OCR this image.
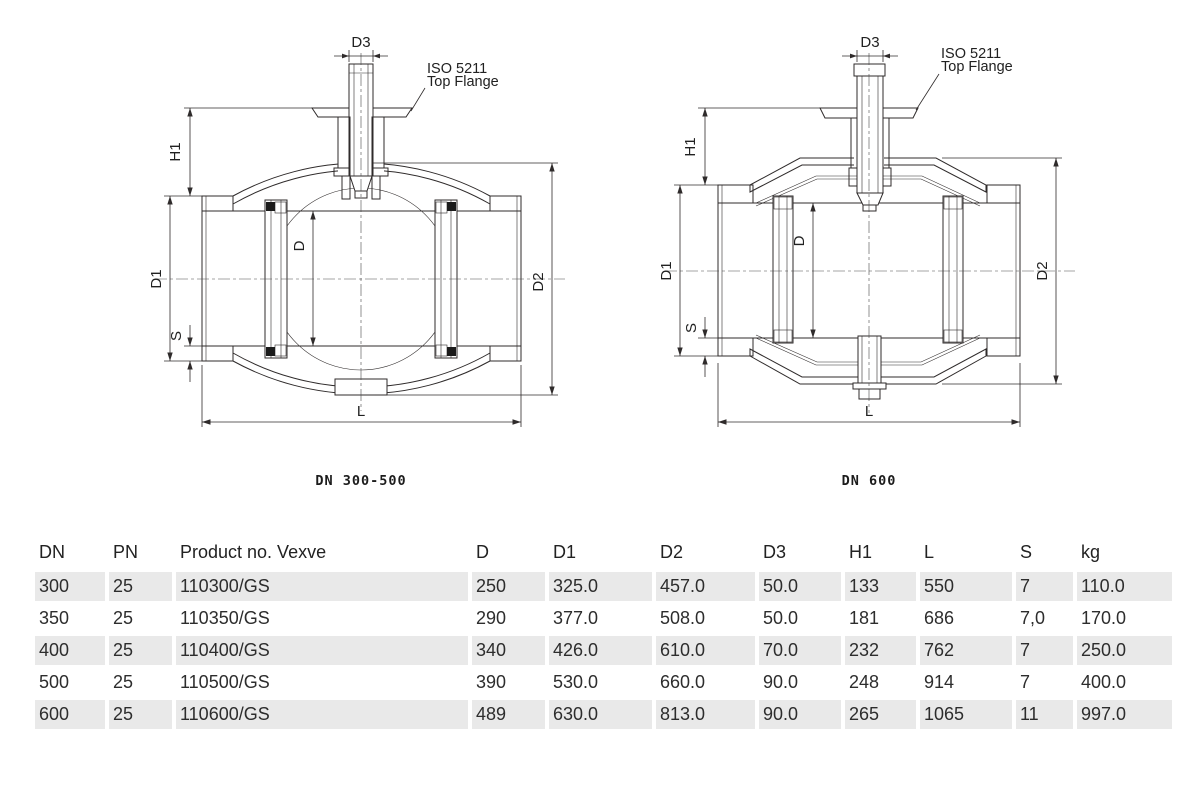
D3
H1
D1
S
D
D2
L
ISO 5211
Top Flange
DN 300-500
D3
H1
D1
S
D
D2
L
ISO 5211
Top Flange
DN 600
DN	PN	Product no. Vexve	D	D1	D2	D3	H1	L	S	kg
300	25	110300/GS	250	325.0	457.0	50.0	133	550	7	110.0
350	25	110350/GS	290	377.0	508.0	50.0	181	686	7,0	170.0
400	25	110400/GS	340	426.0	610.0	70.0	232	762	7	250.0
500	25	110500/GS	390	530.0	660.0	90.0	248	914	7	400.0
600	25	110600/GS	489	630.0	813.0	90.0	265	1065	11	997.0
